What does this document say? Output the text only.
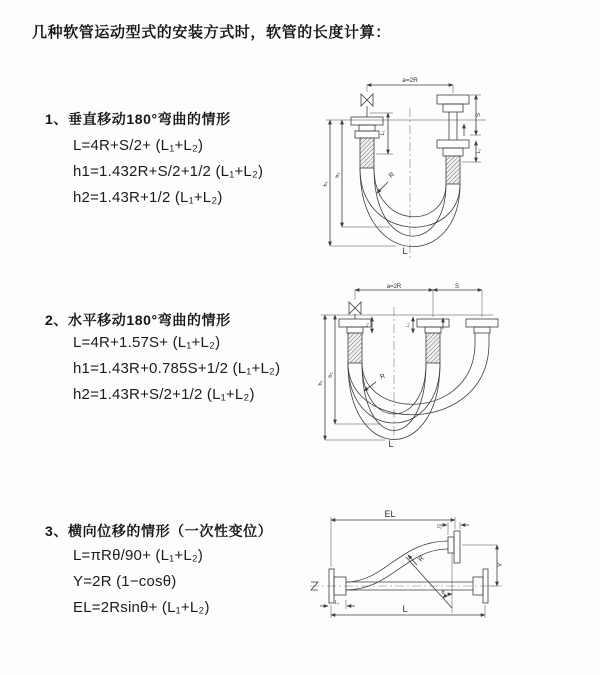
几种软管运动型式的安装方式时，软管的长度计算：
1、垂直移动180°弯曲的情形

L=4R+S/2+ (L₁+L₂)

h1=1.432R+S/2+1/2 (L₁+L₂)

h2=1.43R+1/2 (L₁+L₂)

2、水平移动180°弯曲的情形

L=4R+1.57S+ (L₁+L₂)

h1=1.43R+0.785S+1/2 (L₁+L₂)

h2=1.43R+S/2+1/2 (L₁+L₂)

3、横向位移的情形（一次性变位）

L=πRθ/90+ (L₁+L₂)

Y=2R (1−cosθ)

EL=2Rsinθ+ (L₁+L₂)

a=2R
L₁
S
L₂
h₁
h₂	R
L
a=2R	S
L₁	L₁
h₁
h₂	R
L
EL
L₂
Y
R
θ
L
L₁
